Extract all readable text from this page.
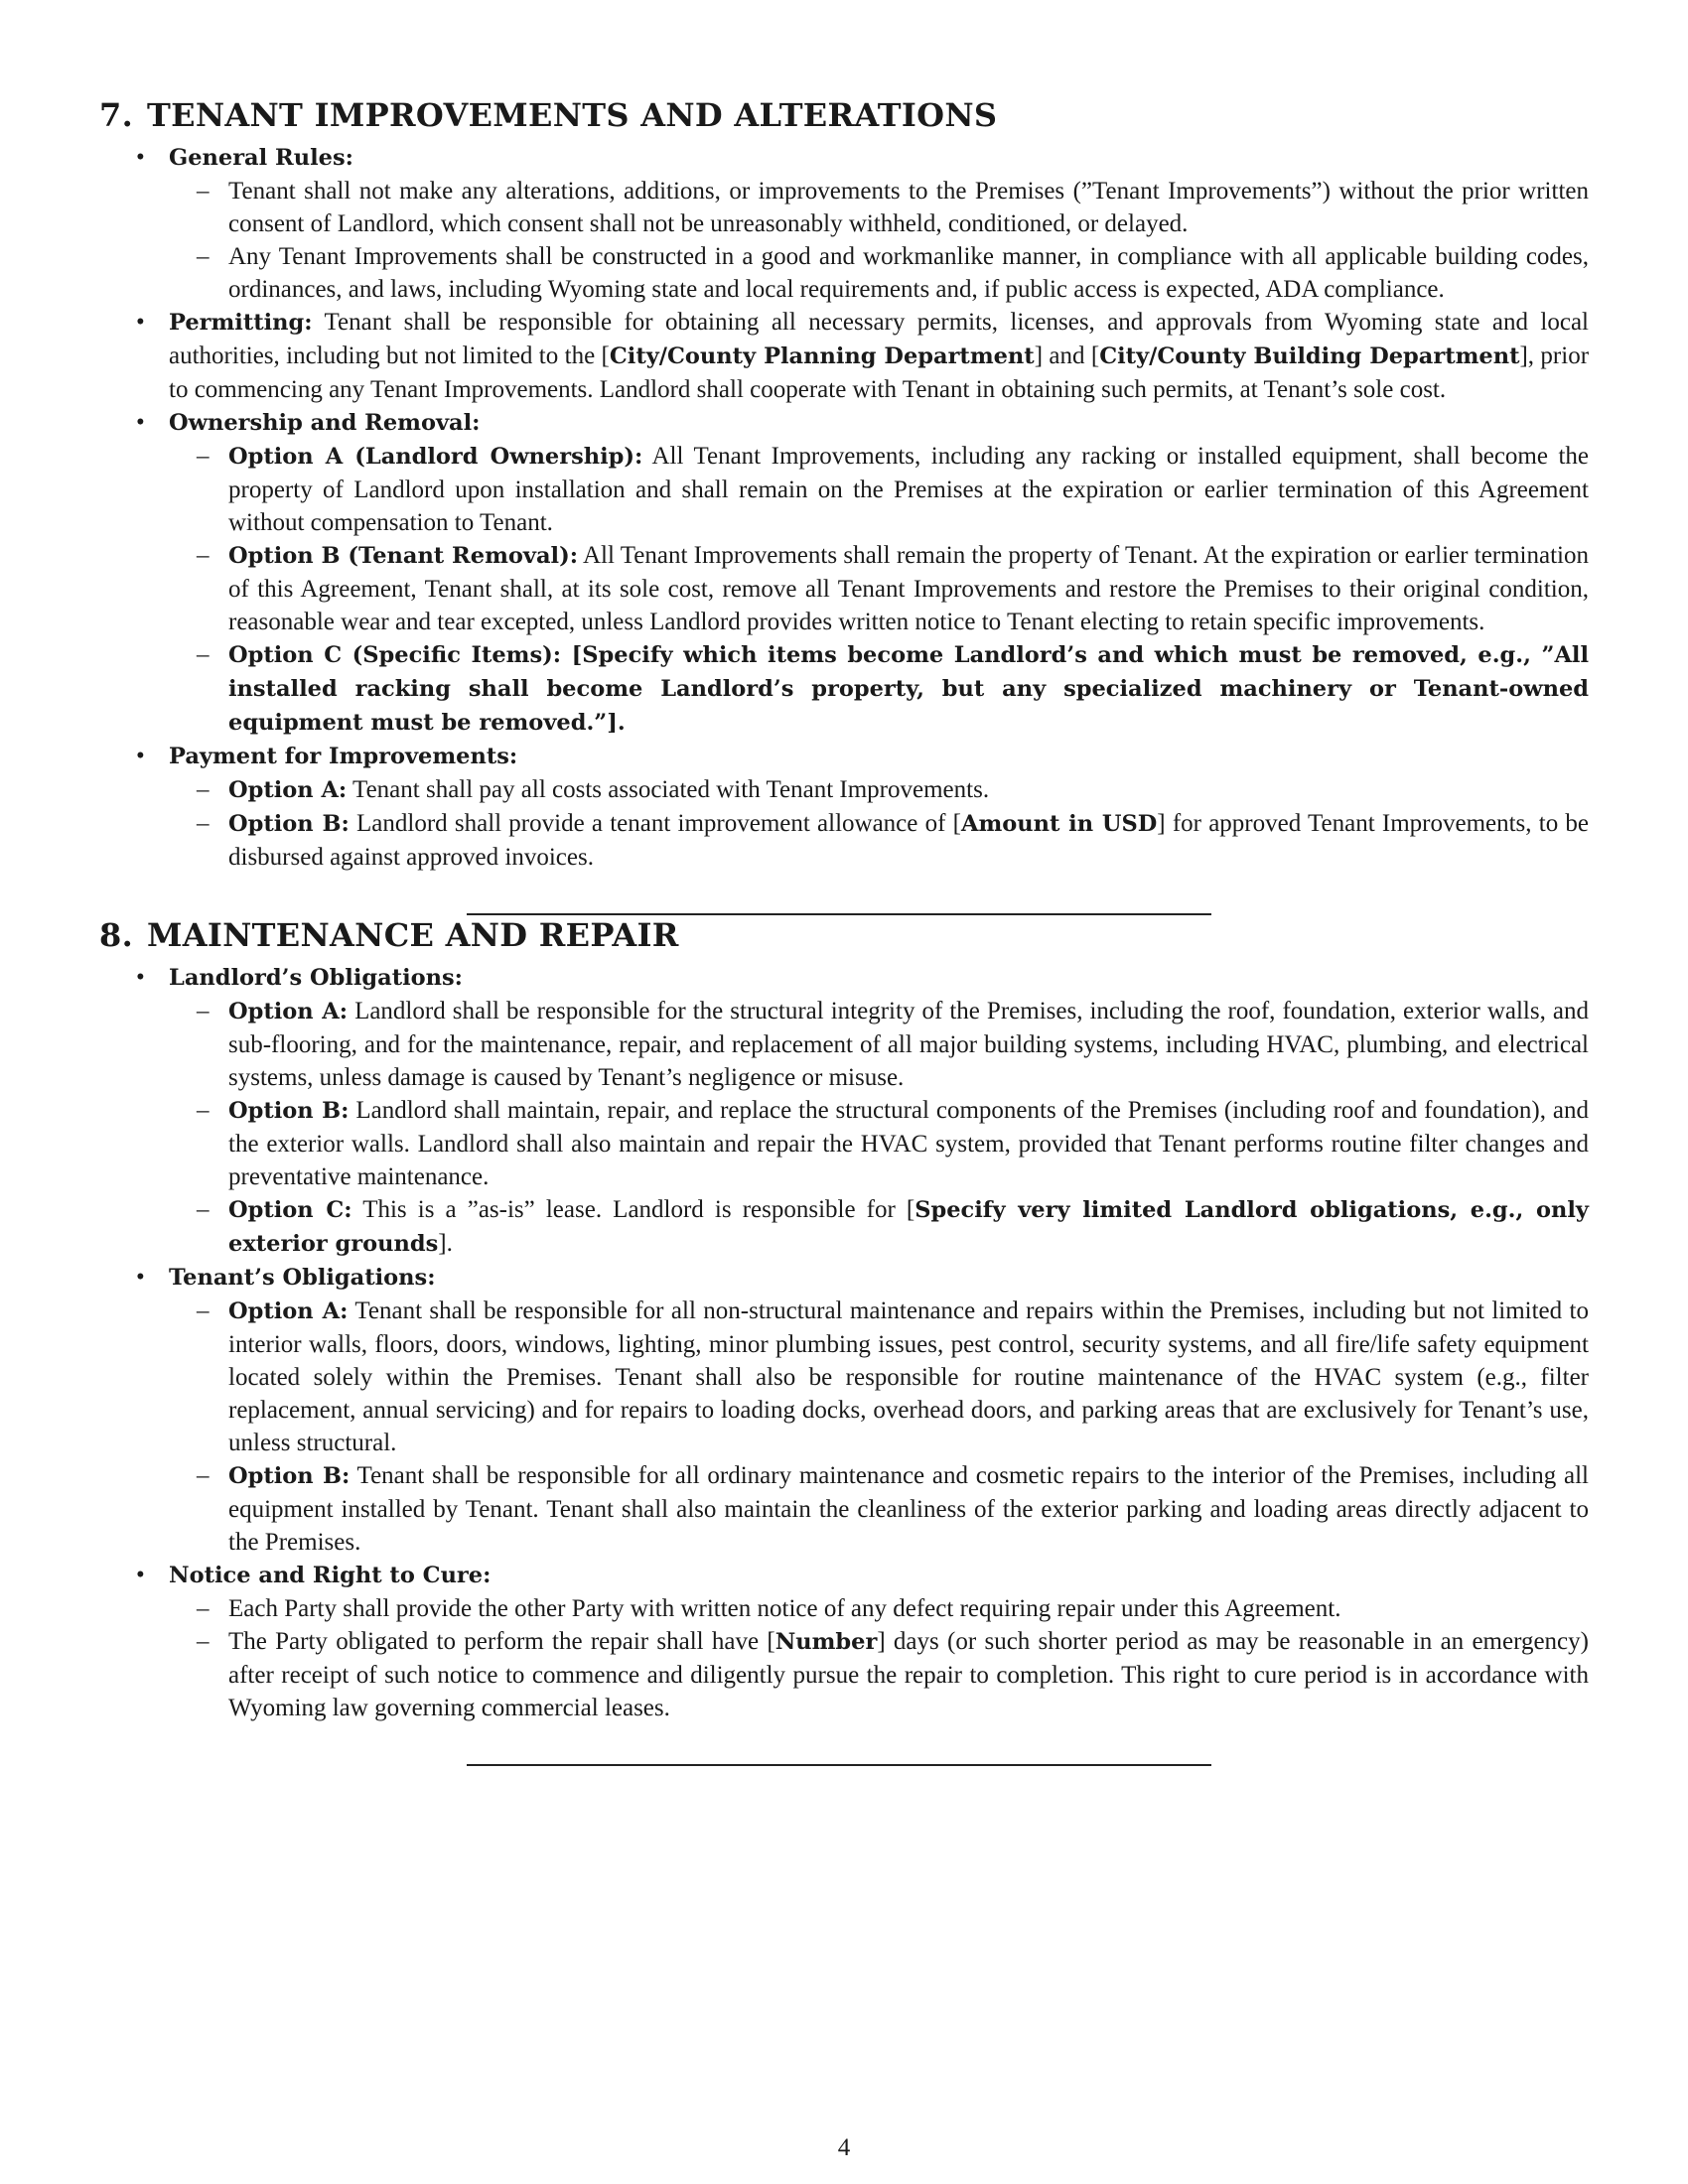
7. TENANT IMPROVEMENTS AND ALTERATIONS
• General Rules:
– Tenant shall not make any alterations, additions, or improvements to the Premises (”Tenant Improvements”) without the prior written consent of Landlord, which consent shall not be unreasonably withheld, conditioned, or delayed.
– Any Tenant Improvements shall be constructed in a good and workmanlike manner, in compliance with all applicable building codes, ordinances, and laws, including Wyoming state and local requirements and, if public access is expected, ADA compliance.
• Permitting: Tenant shall be responsible for obtaining all necessary permits, licenses, and approvals from Wyoming state and local authorities, including but not limited to the [City/County Planning Department] and [City/County Building Department], prior to commencing any Tenant Improvements. Landlord shall cooperate with Tenant in obtaining such permits, at Tenant’s sole cost.
• Ownership and Removal:
– Option A (Landlord Ownership): All Tenant Improvements, including any racking or installed equipment, shall become the property of Landlord upon installation and shall remain on the Premises at the expiration or earlier termination of this Agreement without compensation to Tenant.
– Option B (Tenant Removal): All Tenant Improvements shall remain the property of Tenant. At the expiration or earlier termination of this Agreement, Tenant shall, at its sole cost, remove all Tenant Improvements and restore the Premises to their original condition, reasonable wear and tear excepted, unless Landlord provides written notice to Tenant electing to retain specific improvements.
– Option C (Specific Items): [Specify which items become Landlord’s and which must be removed, e.g., ”All installed racking shall become Landlord’s property, but any specialized machinery or Tenant-owned equipment must be removed.”].
• Payment for Improvements:
– Option A: Tenant shall pay all costs associated with Tenant Improvements.
– Option B: Landlord shall provide a tenant improvement allowance of [Amount in USD] for approved Tenant Improvements, to be disbursed against approved invoices.
8. MAINTENANCE AND REPAIR
• Landlord’s Obligations:
– Option A: Landlord shall be responsible for the structural integrity of the Premises, including the roof, foundation, exterior walls, and sub-flooring, and for the maintenance, repair, and replacement of all major building systems, including HVAC, plumbing, and electrical systems, unless damage is caused by Tenant’s negligence or misuse.
– Option B: Landlord shall maintain, repair, and replace the structural components of the Premises (including roof and foundation), and the exterior walls. Landlord shall also maintain and repair the HVAC system, provided that Tenant performs routine filter changes and preventative maintenance.
– Option C: This is a ”as-is” lease. Landlord is responsible for [Specify very limited Landlord obligations, e.g., only exterior grounds].
• Tenant’s Obligations:
– Option A: Tenant shall be responsible for all non-structural maintenance and repairs within the Premises, including but not limited to interior walls, floors, doors, windows, lighting, minor plumbing issues, pest control, security systems, and all fire/life safety equipment located solely within the Premises. Tenant shall also be responsible for routine maintenance of the HVAC system (e.g., filter replacement, annual servicing) and for repairs to loading docks, overhead doors, and parking areas that are exclusively for Tenant’s use, unless structural.
– Option B: Tenant shall be responsible for all ordinary maintenance and cosmetic repairs to the interior of the Premises, including all equipment installed by Tenant. Tenant shall also maintain the cleanliness of the exterior parking and loading areas directly adjacent to the Premises.
• Notice and Right to Cure:
– Each Party shall provide the other Party with written notice of any defect requiring repair under this Agreement.
– The Party obligated to perform the repair shall have [Number] days (or such shorter period as may be reasonable in an emergency) after receipt of such notice to commence and diligently pursue the repair to completion. This right to cure period is in accordance with Wyoming law governing commercial leases.
4
